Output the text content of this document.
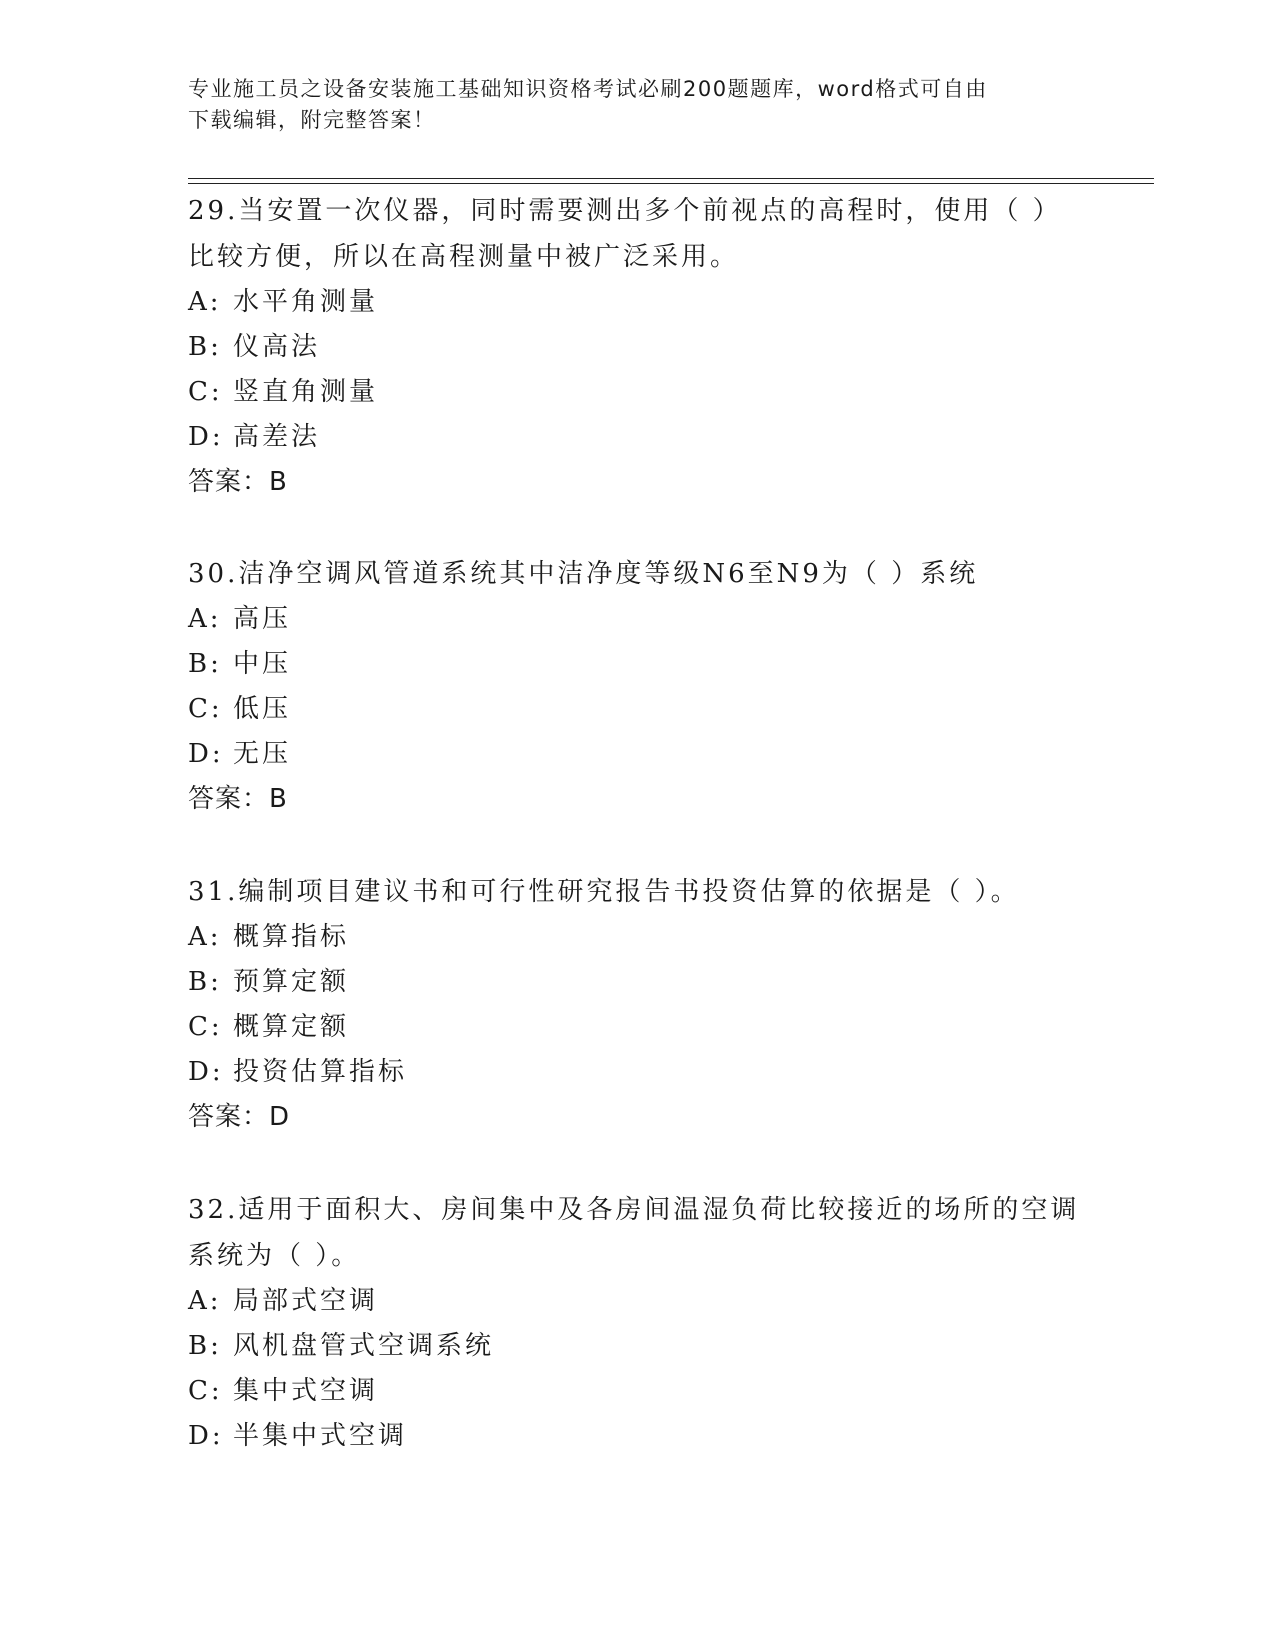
专业施工员之设备安装施工基础知识资格考试必刷200题题库，word格式可自由
下载编辑，附完整答案！

29.当安置一次仪器，同时需要测出多个前视点的高程时，使用（ ）

比较方便，所以在高程测量中被广泛采用。

A: 水平角测量

B: 仪高法

C: 竖直角测量

D: 高差法

答案：B

30.洁净空调风管道系统其中洁净度等级N6至N9为（ ）系统

A: 高压

B: 中压

C: 低压

D: 无压

答案：B

31.编制项目建议书和可行性研究报告书投资估算的依据是（ ）。

A: 概算指标

B: 预算定额

C: 概算定额

D: 投资估算指标

答案：D

32.适用于面积大、房间集中及各房间温湿负荷比较接近的场所的空调

系统为（ ）。

A: 局部式空调

B: 风机盘管式空调系统

C: 集中式空调

D: 半集中式空调
